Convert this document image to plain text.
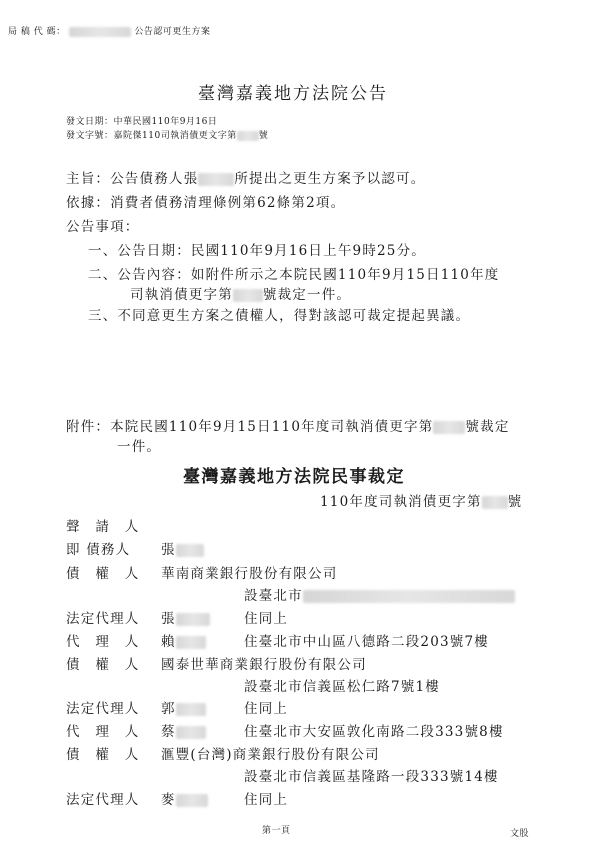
局 稿 代 碼：	公告認可更生方案
臺灣嘉義地方法院公告
發文日期：中華民國110年9月16日
發文字號：嘉院傑110司執消債更文字第 號
主旨：公告債務人張	所提出之更生方案予以認可。
依據：消費者債務清理條例第62條第2項。
公告事項：
一、公告日期：民國110年9月16日上午9時25分。
二、公告內容：如附件所示之本院民國110年9月15日110年度
司執消債更字第 號裁定一件。
三、不同意更生方案之債權人，得對該認可裁定提起異議。
附件：本院民國110年9月15日110年度司執消債更字第 號裁定
一件。
臺灣嘉義地方法院民事裁定
110年度司執消債更字第 號
聲　請　人
即 債務人 張
債　權　人 華南商業銀行股份有限公司
設臺北市
法定代理人 張	住同上
代　理　人 賴	住臺北市中山區八德路二段203號7樓
債　權　人 國泰世華商業銀行股份有限公司
設臺北市信義區松仁路7號1樓
法定代理人 郭	住同上
代　理　人 蔡	住臺北市大安區敦化南路二段333號8樓
債　權　人 滙豐(台灣)商業銀行股份有限公司
設臺北市信義區基隆路一段333號14樓
法定代理人 麥	住同上
第一頁	文股
